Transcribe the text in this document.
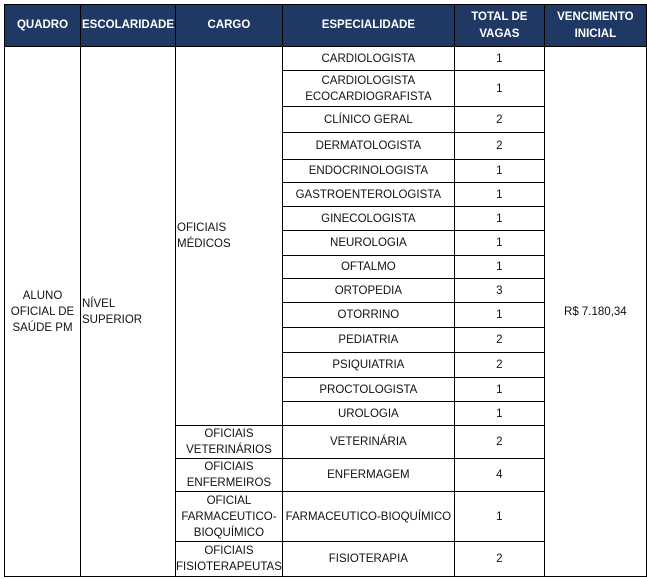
QUADRO	ESCOLARIDADE	CARGO	ESPECIALIDADE	TOTAL DE VAGAS	VENCIMENTO INICIAL
ALUNO OFICIAL DE SAÚDE PM	NÍVEL SUPERIOR	OFICIAIS MÉDICOS	CARDIOLOGISTA	1	R$ 7.180,34
			CARDIOLOGISTA ECOCARDIOGRAFISTA	1	
			CLÍNICO GERAL	2	
			DERMATOLOGISTA	2	
			ENDOCRINOLOGISTA	1	
			GASTROENTEROLOGISTA	1	
			GINECOLOGISTA	1	
			NEUROLOGIA	1	
			OFTALMO	1	
			ORTOPEDIA	3	
			OTORRINO	1	
			PEDIATRIA	2	
			PSIQUIATRIA	2	
			PROCTOLOGISTA	1	
			UROLOGIA	1	
		OFICIAIS VETERINÁRIOS	VETERINÁRIA	2	
		OFICIAIS ENFERMEIROS	ENFERMAGEM	4	
		OFICIAL FARMACEUTICO-BIOQUÍMICO	FARMACEUTICO-BIOQUÍMICO	1	
		OFICIAIS FISIOTERAPEUTAS	FISIOTERAPIA	2	
